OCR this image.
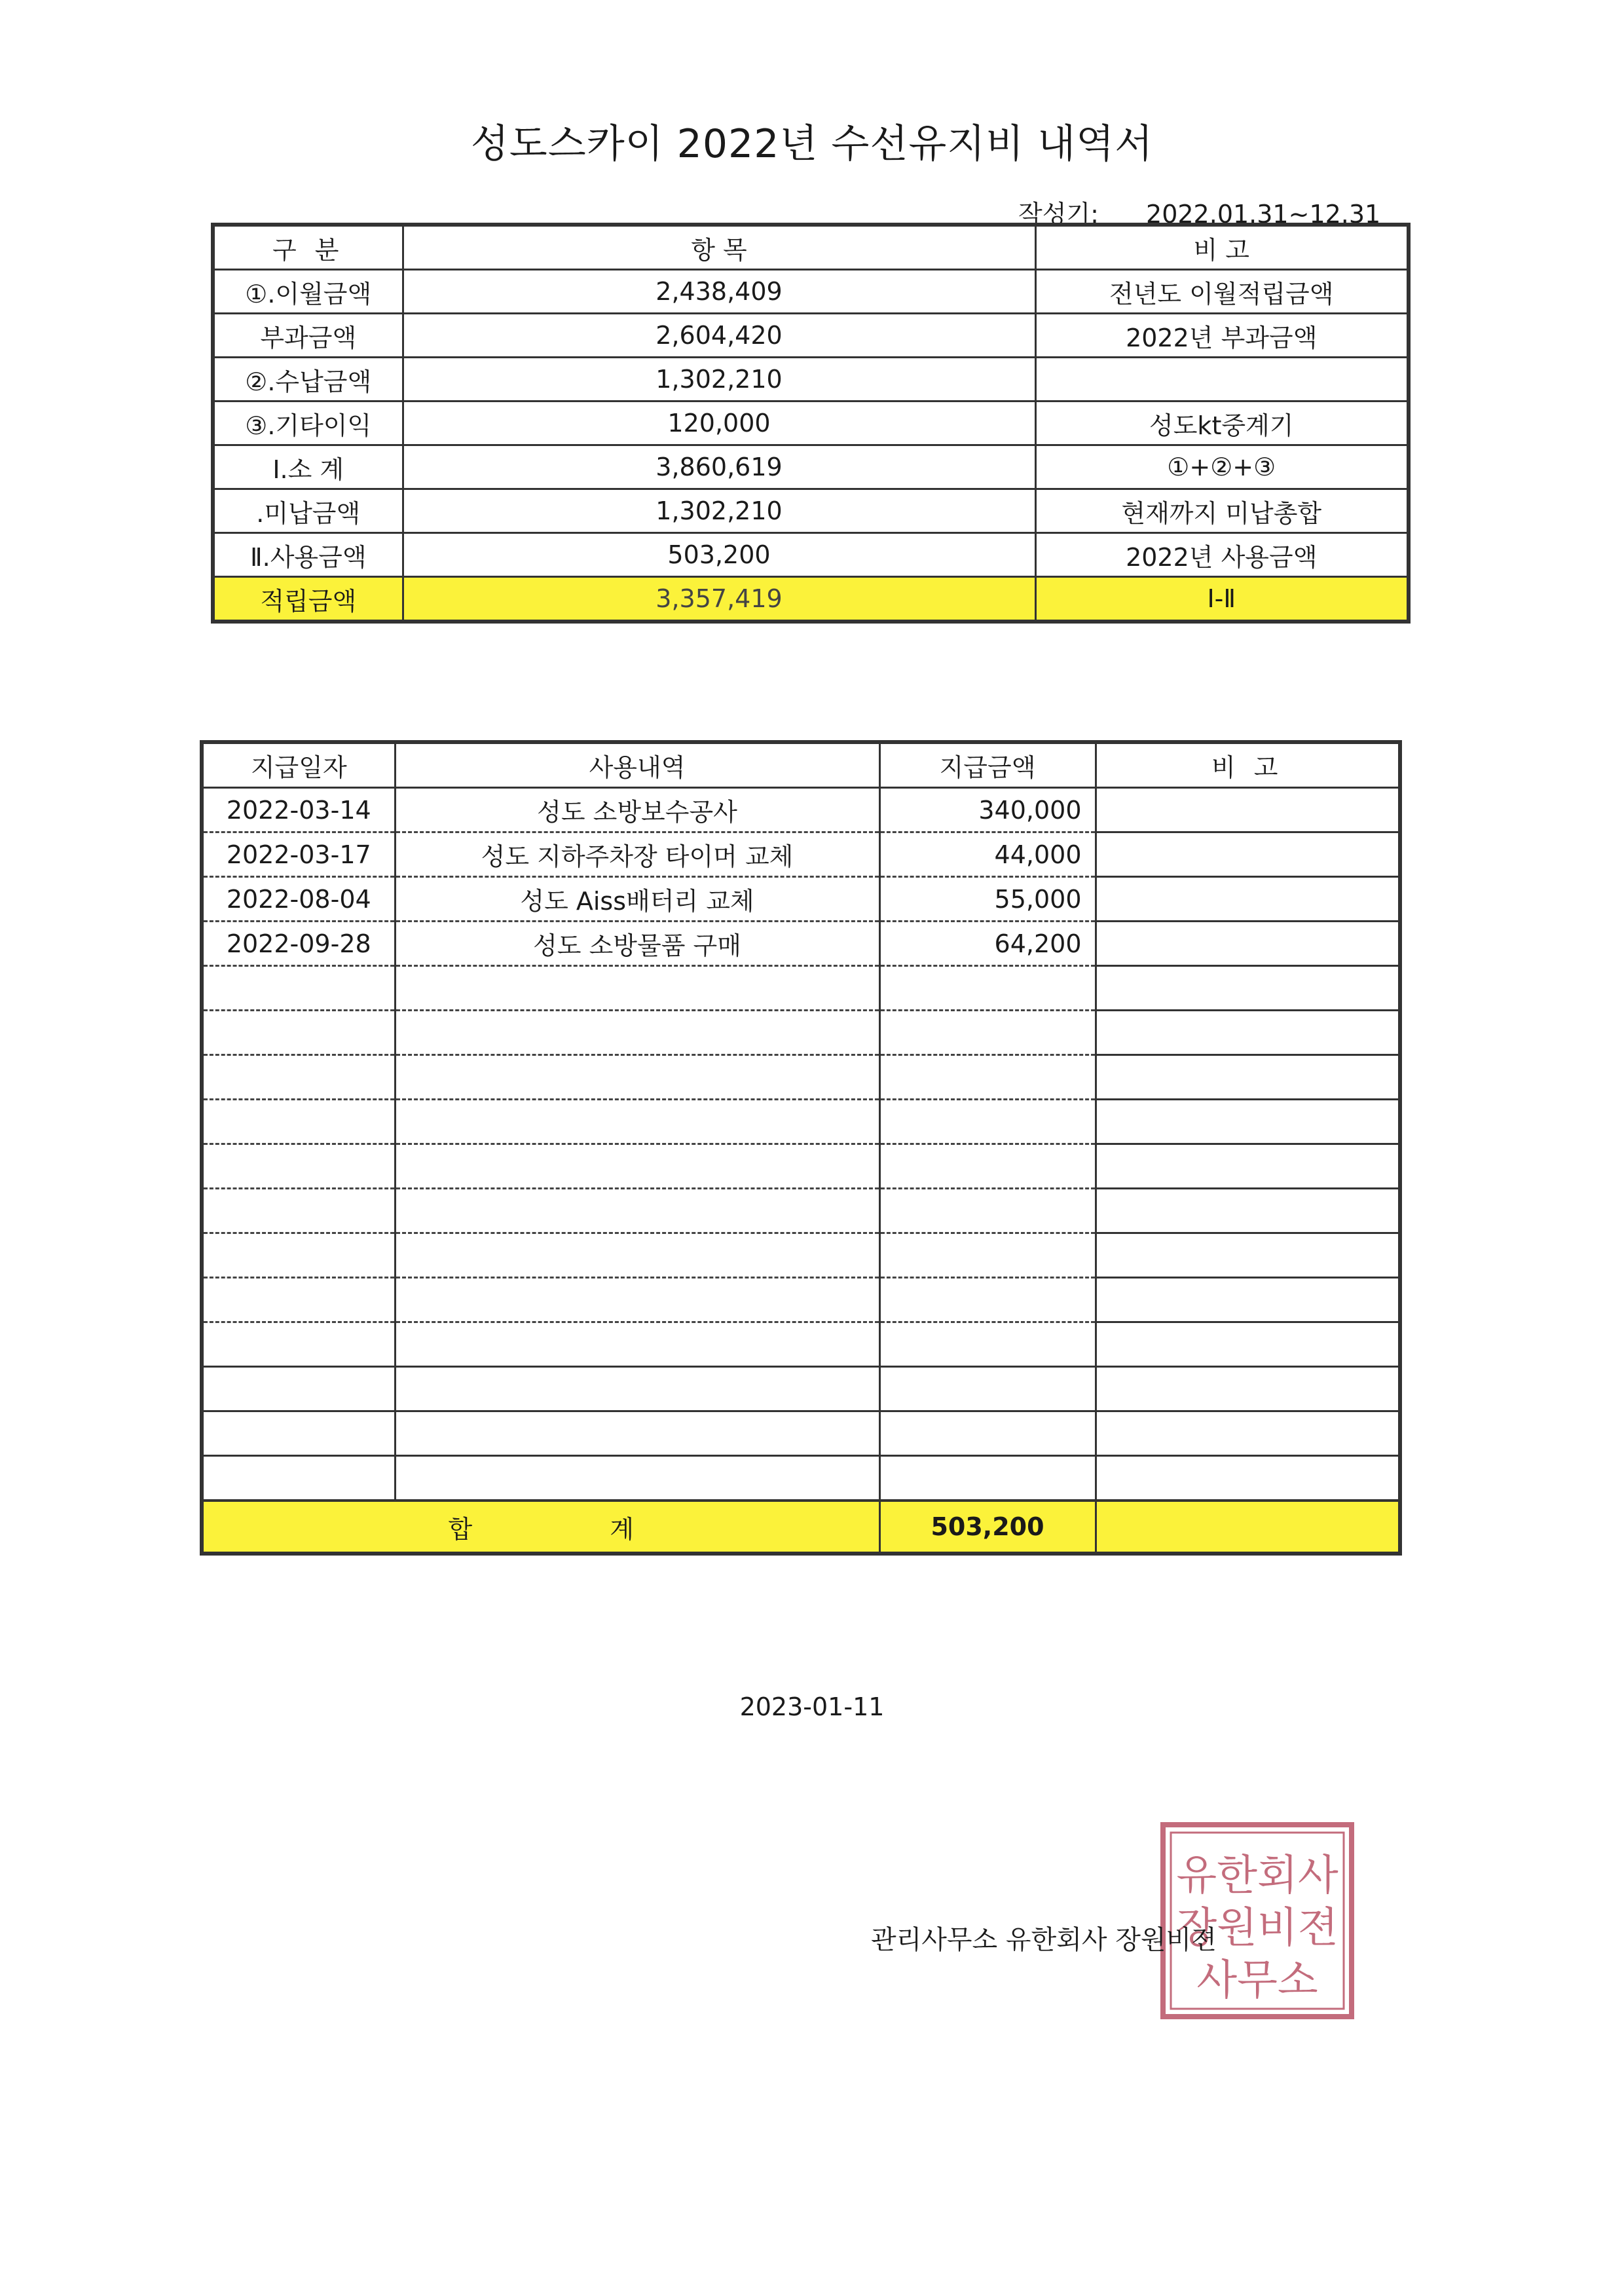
성도스카이 2022년 수선유지비 내역서
작성기: 2022.01.31~12.31
구 분	항 목	비 고
①.이월금액	2,438,409	전년도 이월적립금액
부과금액	2,604,420	2022년 부과금액
②.수납금액	1,302,210	
③.기타이익	120,000	성도kt중계기
Ⅰ.소 계	3,860,619	①+②+③
.미납금액	1,302,210	현재까지 미납총합
Ⅱ.사용금액	503,200	2022년 사용금액
적립금액	3,357,419	Ⅰ-Ⅱ
지급일자	사용내역	지급금액	비 고
2022-03-14	성도 소방보수공사	340,000	
2022-03-17	성도 지하주차장 타이머 교체	44,000	
2022-08-04	성도 Aiss배터리 교체	55,000	
2022-09-28	성도 소방물품 구매	64,200	

합 계		503,200	
2023-01-11
유한회사
장원비젼
사무소
관리사무소 유한회사 장원비젼
